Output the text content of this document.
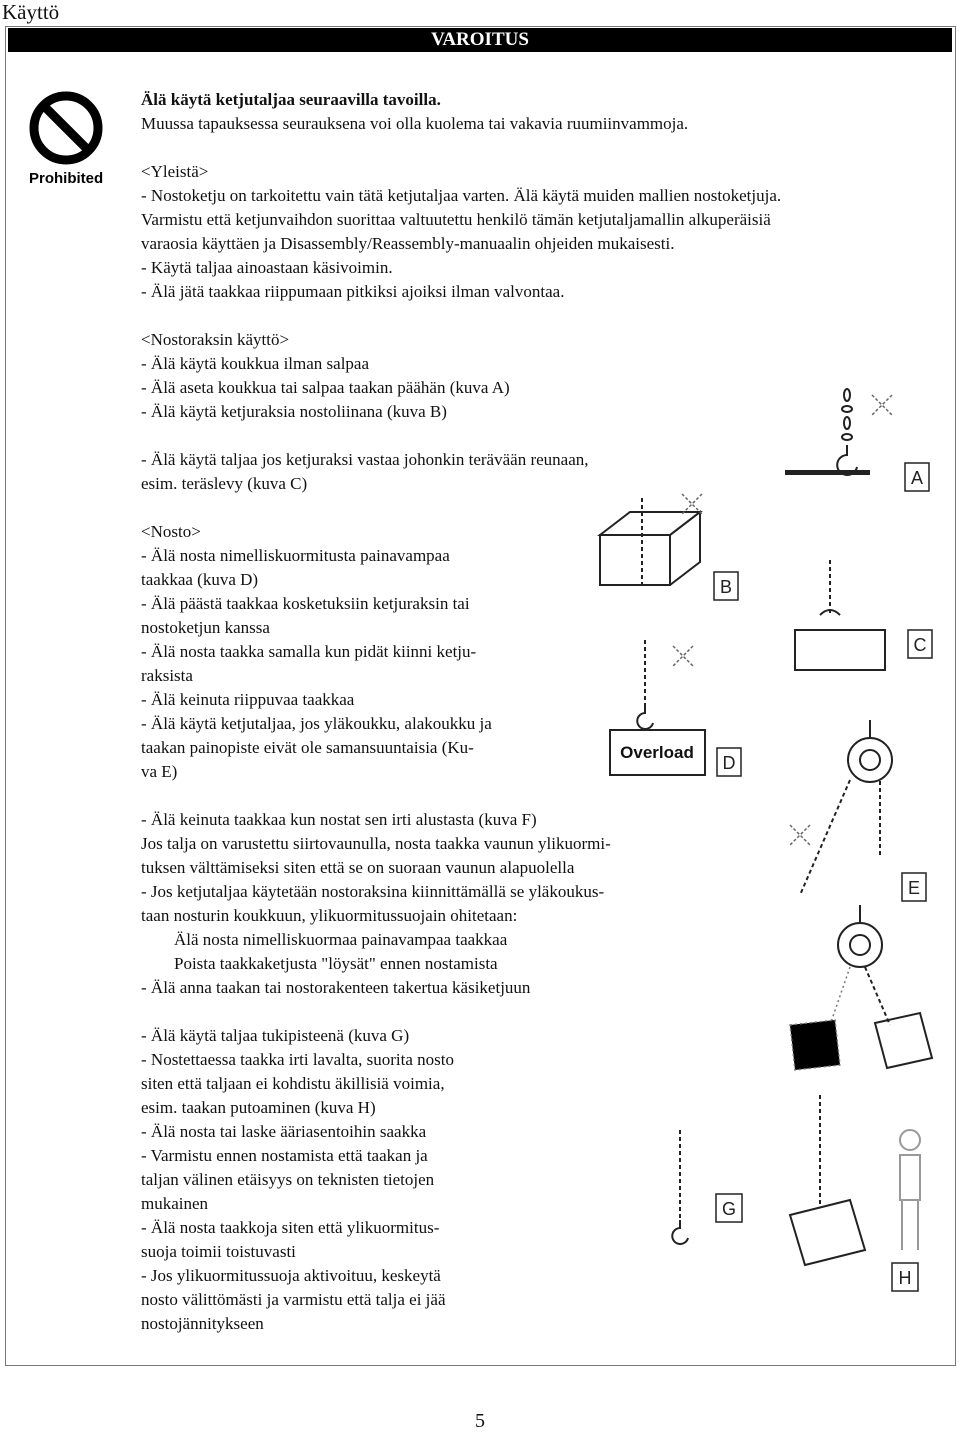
Käyttö
VAROITUS
Prohibited
Älä käytä ketjutaljaa seuraavilla tavoilla.
Muussa tapauksessa seurauksena voi olla kuolema tai vakavia ruumiinvammoja.
<Yleistä>
- Nostoketju on tarkoitettu vain tätä ketjutaljaa varten. Älä käytä muiden mallien nostoketjuja.
Varmistu että ketjunvaihdon suorittaa valtuutettu henkilö tämän ketjutaljamallin alkuperäisiä
varaosia käyttäen ja Disassembly/Reassembly-manuaalin ohjeiden mukaisesti.
- Käytä taljaa ainoastaan käsivoimin.
- Älä jätä taakkaa riippumaan pitkiksi ajoiksi ilman valvontaa.
<Nostoraksin käyttö>
- Älä käytä koukkua ilman salpaa
- Älä aseta koukkua tai salpaa taakan päähän (kuva A)
- Älä käytä ketjuraksia nostoliinana (kuva B)
- Älä käytä taljaa jos ketjuraksi vastaa johonkin terävään reunaan,
esim. teräslevy (kuva C)
<Nosto>
- Älä nosta nimelliskuormitusta painavampaa
taakkaa (kuva D)
- Älä päästä taakkaa kosketuksiin ketjuraksin tai
nostoketjun kanssa
- Älä nosta taakka samalla kun pidät kiinni ketju-
raksista
- Älä keinuta riippuvaa taakkaa
- Älä käytä ketjutaljaa, jos yläkoukku, alakoukku ja
taakan painopiste eivät ole samansuuntaisia (Ku-
va E)
- Älä keinuta taakkaa kun nostat sen irti alustasta (kuva F)
Jos talja on varustettu siirtovaunulla, nosta taakka vaunun ylikuormi-
tuksen välttämiseksi siten että se on suoraan vaunun alapuolella
- Jos ketjutaljaa käytetään nostoraksina kiinnittämällä se yläkoukus-
taan nosturin koukkuun, ylikuormitussuojain ohitetaan:
Älä nosta nimelliskuormaa painavampaa taakkaa
Poista taakkaketjusta "löysät" ennen nostamista
- Älä anna taakan tai nostorakenteen takertua käsiketjuun
- Älä käytä taljaa tukipisteenä (kuva G)
- Nostettaessa taakka irti lavalta, suorita nosto
siten että taljaan ei kohdistu äkillisiä voimia,
esim. taakan putoaminen (kuva H)
- Älä nosta tai laske ääriasentoihin saakka
- Varmistu ennen nostamista että taakan ja
taljan välinen etäisyys on teknisten tietojen
mukainen
- Älä nosta taakkoja siten että ylikuormitus-
suoja toimii toistuvasti
- Jos ylikuormitussuoja aktivoituu, keskeytä
nosto välittömästi ja varmistu että talja ei jää
nostojännitykseen
A
B
C
Overload
D
E
G
H
5
